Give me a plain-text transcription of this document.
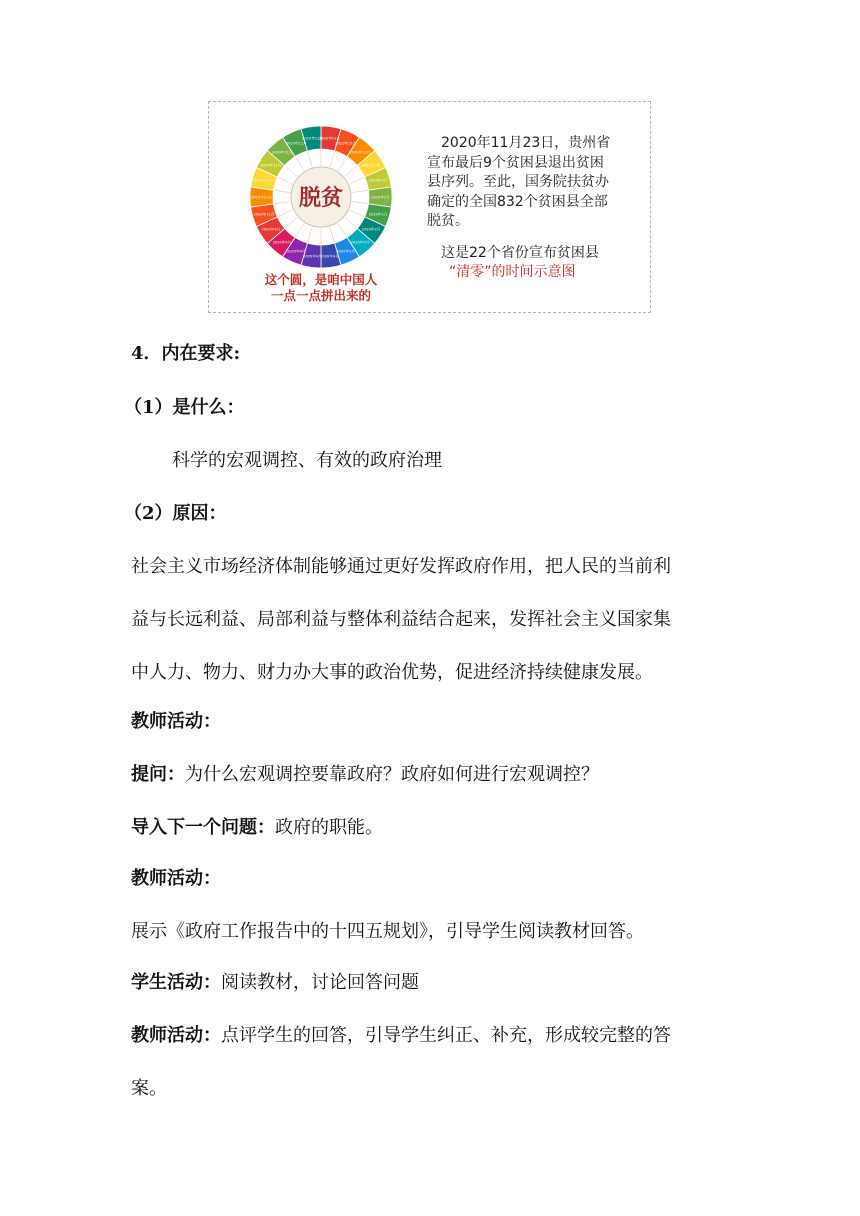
2020年11月
2020年11月
2019年12月
2020年3月
2020年3月
2020年2月
2020年2月
2020年2月
2020年5月
2020年5月
2020年4月
2020年4月
2020年4月
2020年4月
2020年4月
2020年11月
2020年11月
2020年11月
2020年11月
2020年11月
2020年11月
2020年11月
脱贫
这个圆，是咱中国人
一点一点拼出来的
2020年11月23日，贵州省
宣布最后9个贫困县退出贫困
县序列。至此，国务院扶贫办
确定的全国832个贫困县全部
脱贫。
这是22个省份宣布贫困县
“清零”的时间示意图
4．内在要求:
（1）是什么：
科学的宏观调控、有效的政府治理
（2）原因：
社会主义市场经济体制能够通过更好发挥政府作用，把人民的当前利
益与长远利益、局部利益与整体利益结合起来，发挥社会主义国家集
中人力、物力、财力办大事的政治优势，促进经济持续健康发展。
教师活动：
提问：为什么宏观调控要靠政府？政府如何进行宏观调控？
导入下一个问题：政府的职能。
教师活动：
展示《政府工作报告中的十四五规划》，引导学生阅读教材回答。
学生活动：阅读教材，讨论回答问题
教师活动：点评学生的回答，引导学生纠正、补充，形成较完整的答
案。
